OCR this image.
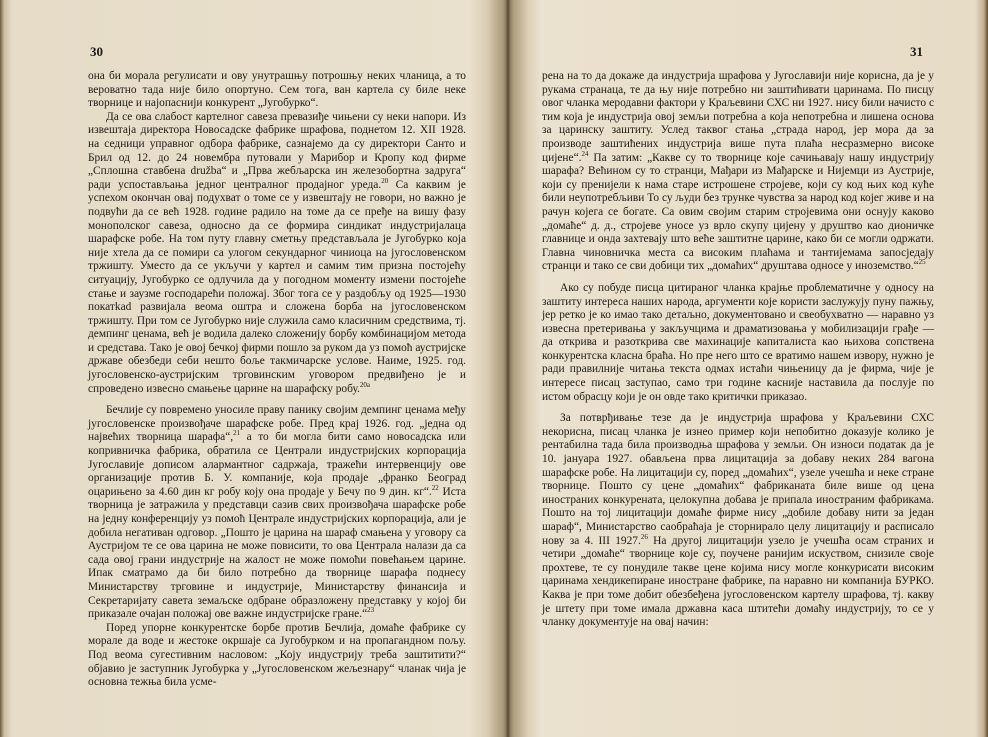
30

она би морала регулисати и ову унутрашњу потрошњу неких чланица, а то вероватно тада није било опортуно. Сем тога, ван картела су биле неке творнице и најопаснији конкурент „Југобурко“.

Да се ова слабост картелног савеза превазиђе чињени су неки напори. Из извештаја директора Новосадске фабрике шрафова, поднетом 12. XII 1928. на седници управног одбора фабрике, сазнајемо да су директори Санто и Брил од 12. до 24 новембра путовали у Марибор и Кропу код фирме „Сплошна ставбена družba“ и „Прва жебљарска ин железобортна задруга“ ради успостављања једног централног продајног уреда.$^{20}$ Са каквим је успехом окончан овај подухват о томе се у извештају не говори, но важно је подвући да се већ 1928. године радило на томе да се пређе на вишу фазу монополског савеза, односно да се формира синдикат индустријалаца шарафске робе. На том путу главну сметњу представљала је Југобурко која није хтела да се помири са улогом секундарног чиниоца на југословенском тржишту. Уместо да се укључи у картел и самим тим призна постојећу ситуацију, Југобурко се одлучила да у погодном моменту измени постојеће стање и заузме господарећи положај. Због тога се у раздобљу од 1925—1930 покатkad развијала веома оштра и сложена борба на југословенском тржишту. При том се Југобурко није служила само класичним средствима, тј. демпинг ценама, већ је водила далеко сложенију борбу комбинацијом метода и средстава. Тако је овој бечкој фирми пошло за руком да уз помоћ аустријске државе обезбеди себи нешто боље такмичарске услове. Наиме, 1925. год. југословенско-аустријским трговинским уговором предвиђено је и спроведено извесно смањење царине на шарафску робу.$^{20a}$

Бечлије су повремено уносиле праву панику својим демпинг ценама међу југословенске произвођаче шарафске робе. Пред крај 1926. год. „једна од највећих творница шарафа“,$^{21}$ а то би могла бити само новосадска или копривничка фабрика, обратила се Централи индустријских корпорација Југославије дописом алармантног садржаја, тражећи интервенцију ове организације против Б. У. компаније, која продаје „франко Београд оцарињено за 4.60 дин кг робу коју она продаје у Бечу по 9 дин. кг“.$^{22}$ Иста творница је затражила у представци сазив свих произвођача шарафске робе на једну конференцију уз помоћ Централе индустријских корпорација, али је добила негативан одговор. „Пошто је царина на шараф смањена у уговору са Аустријом те се ова царина не може повисити, то ова Централа налази да са сада овој грани индустрије на жалост не може помоћи повећањем царине. Ипак сматрамо да би било потребно да творнице шарафа поднесу Министарству трговине и индустрије, Министарству финансија и Секретаријату савета земаљске одбране образложену представку у којој би приказале очајан положај ове важне индустријске гране.“$^{23}$

Поред упорне конкурентске борбе против Бечлија, домаће фабрике су морале да воде и жестоке окршаје са Југобурком и на пропагандном пољу. Под веома сугестивним насловом: „Коју индустрију треба заштитити?“ објавио је заступник Југобурка у „Југословенском жељезнару“ чланак чија је основна тежња била усме-

31

рена на то да докаже да индустрија шрафова у Југославији није корисна, да је у рукама странаца, те да њу није потребно ни заштићивати царинама. По писцу овог чланка меродавни фактори у Краљевини СХС ни 1927. нису били начисто с тим која је индустрија овој земљи потребна а која непотребна и лишена основа за царинску заштиту. Услед таквог стања „страда народ, јер мора да за производе заштићених индустрија више пута плаћа несразмерно високе цијене“.$^{24}$ Па затим: „Какве су то творнице које сачињавају нашу индустрију шарафа? Већином су то странци, Мађари из Мађарске и Нијемци из Аустрије, који су пренијели к нама старе истрошене стројеве, који су код њих код куће били неупотребљиви То су људи без трунке чувства за народ код којег живе и на рачун којега се богате. Са овим својим старим стројевима они оснују каково „домаће“ д. д., стројеве уносе уз врло скупу цијену у друштво као дионичке главнице и онда захтевају што веће заштитне царине, како би се могли одржати. Главна чиновничка места са високим плаћама и тантијемама запосједају странци и тако се сви добици тих „домаћих“ друштава односе у иноземство.“$^{25}$

Ако су побуде писца цитираног чланка крајње проблематичне у односу на заштиту интереса наших народа, аргументи које користи заслужују пуну пажњу, јер ретко је ко имао тако детаљно, документовано и свеобухватно — наравно уз извесна претеривања у закључцима и драматизовања у мобилизацији грађе — да открива и разоткрива све махинације капиталиста као њихова сопствена конкурентска класна браћа. Но пре него што се вратимо нашем извору, нужно је ради правилније читања текста одмах истаћи чињеницу да је фирма, чије је интересе писац заступао, само три године касније наставила да послује по истом обрасцу који је он овде тако критички приказао.

За потврђивање тезе да је индустрија шрафова у Краљевини СХС некорисна, писац чланка је изнео пример који непобитно доказује колико је рентабилна тада била производња шрафова у земљи. Он износи податак да је 10. јануара 1927. обављена прва лицитација за добаву неких 284 вагона шарафске робе. На лицитацији су, поред „домаћих“, узеле учешћа и неке стране творнице. Пошто су цене „домаћих“ фабриканата биле више од цена иностраних конкурената, целокупна добава је припала иностраним фабрикама. Пошто на тој лицитацији домаће фирме нису „добиле добаву нити за један шараф“, Министарство саобраћаја је сторнирало целу лицитацију и расписало нову за 4. III 1927.26 На другој лицитацији узело је учешћа осам страних и четири „домаће“ творнице које су, поучене ранијим искуством, снизиле своје прохтеве, те су понудиле такве цене којима нису могле конкурисати високим царинама хендикепиране иностране фабрике, па наравно ни компанија БУРКО. Каква је при томе добит обезбеђена југословенском картелу шрафова, тј. какву је штету при томе имала државна каса штитећи домаћу индустрију, то се у чланку документује на овај начин:
